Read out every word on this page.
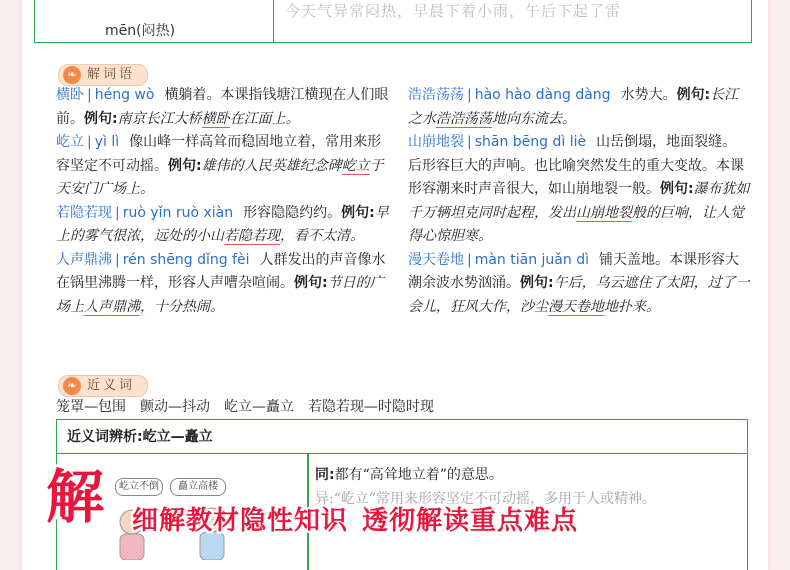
mēn(闷热)
今天气异常闷热，早晨下着小雨，午后下起了雷
❧ 解词语
横卧 | héng wò 横躺着。本课指钱塘江横现在人们眼前。例句:南京长江大桥横卧在江面上。
屹立 | yì lì 像山峰一样高耸而稳固地立着，常用来形容坚定不可动摇。例句:雄伟的人民英雄纪念碑屹立于天安门广场上。
若隐若现 | ruò yǐn ruò xiàn 形容隐隐约约。例句:早上的雾气很浓，远处的小山若隐若现，看不太清。
人声鼎沸 | rén shēng dǐng fèi 人群发出的声音像水在锅里沸腾一样，形容人声嘈杂喧闹。例句:节日的广场上人声鼎沸，十分热闹。
浩浩荡荡 | hào hào dàng dàng 水势大。例句:长江之水浩浩荡荡地向东流去。
山崩地裂 | shān bēng dì liè 山岳倒塌，地面裂缝。后形容巨大的声响。也比喻突然发生的重大变故。本课形容潮来时声音很大，如山崩地裂一般。例句:瀑布犹如千万辆坦克同时起程，发出山崩地裂般的巨响，让人觉得心惊胆寒。
漫天卷地 | màn tiān juǎn dì 铺天盖地。本课形容大潮余波水势汹涌。例句:午后，乌云遮住了太阳，过了一会儿，狂风大作，沙尘漫天卷地地扑来。
❧ 近义词
笼罩—包围　颤动—抖动　屹立—矗立　若隐若现—时隐时现
近义词辨析:屹立—矗立
同:都有“高耸地立着”的意思。
异:“屹立”常用来形容坚定不可动摇，多用于人或精神。
屹立不倒	矗立高楼
解 细解教材隐性知识 透彻解读重点难点
